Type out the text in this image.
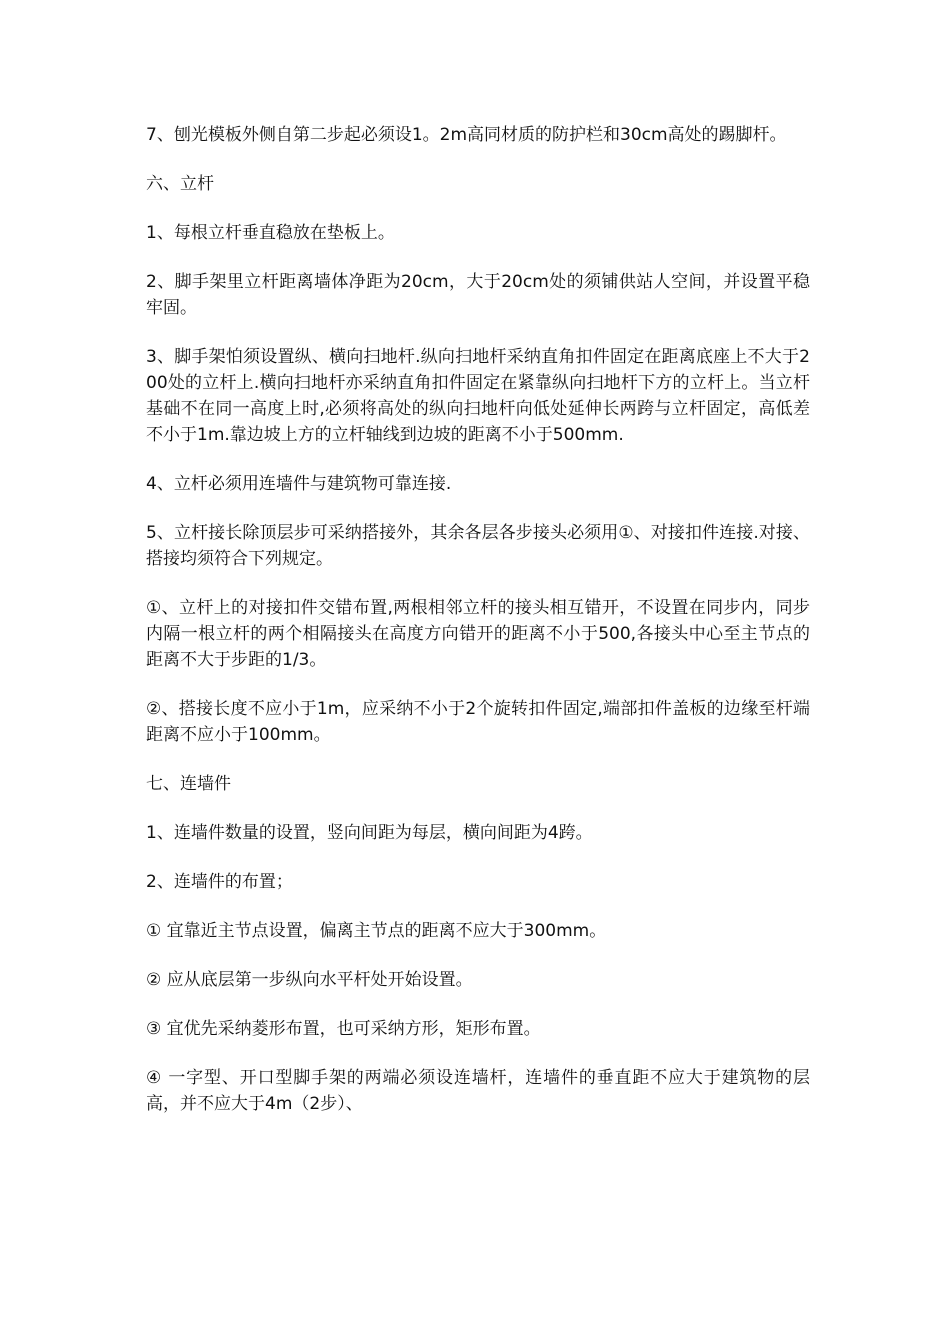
7、刨光模板外侧自第二步起必须设1。2m高同材质的防护栏和30cm高处的踢脚杆。

六、立杆

1、每根立杆垂直稳放在垫板上。

2、脚手架里立杆距离墙体净距为20cm，大于20cm处的须铺供站人空间，并设置平稳牢固。

3、脚手架怕须设置纵、横向扫地杆.纵向扫地杆采纳直角扣件固定在距离底座上不大于200处的立杆上.横向扫地杆亦采纳直角扣件固定在紧靠纵向扫地杆下方的立杆上。当立杆基础不在同一高度上时,必须将高处的纵向扫地杆向低处延伸长两跨与立杆固定，高低差不小于1m.靠边坡上方的立杆轴线到边坡的距离不小于500mm.

4、立杆必须用连墙件与建筑物可靠连接.

5、立杆接长除顶层步可采纳搭接外，其余各层各步接头必须用①、对接扣件连接.对接、搭接均须符合下列规定。

①、立杆上的对接扣件交错布置,两根相邻立杆的接头相互错开，不设置在同步内，同步内隔一根立杆的两个相隔接头在高度方向错开的距离不小于500,各接头中心至主节点的距离不大于步距的1/3。

②、搭接长度不应小于1m，应采纳不小于2个旋转扣件固定,端部扣件盖板的边缘至杆端距离不应小于100mm。

七、连墙件

1、连墙件数量的设置，竖向间距为每层，横向间距为4跨。

2、连墙件的布置；

① 宜靠近主节点设置，偏离主节点的距离不应大于300mm。

② 应从底层第一步纵向水平杆处开始设置。

③ 宜优先采纳菱形布置，也可采纳方形，矩形布置。

④ 一字型、开口型脚手架的两端必须设连墙杆，连墙件的垂直距不应大于建筑物的层高，并不应大于4m（2步）、
